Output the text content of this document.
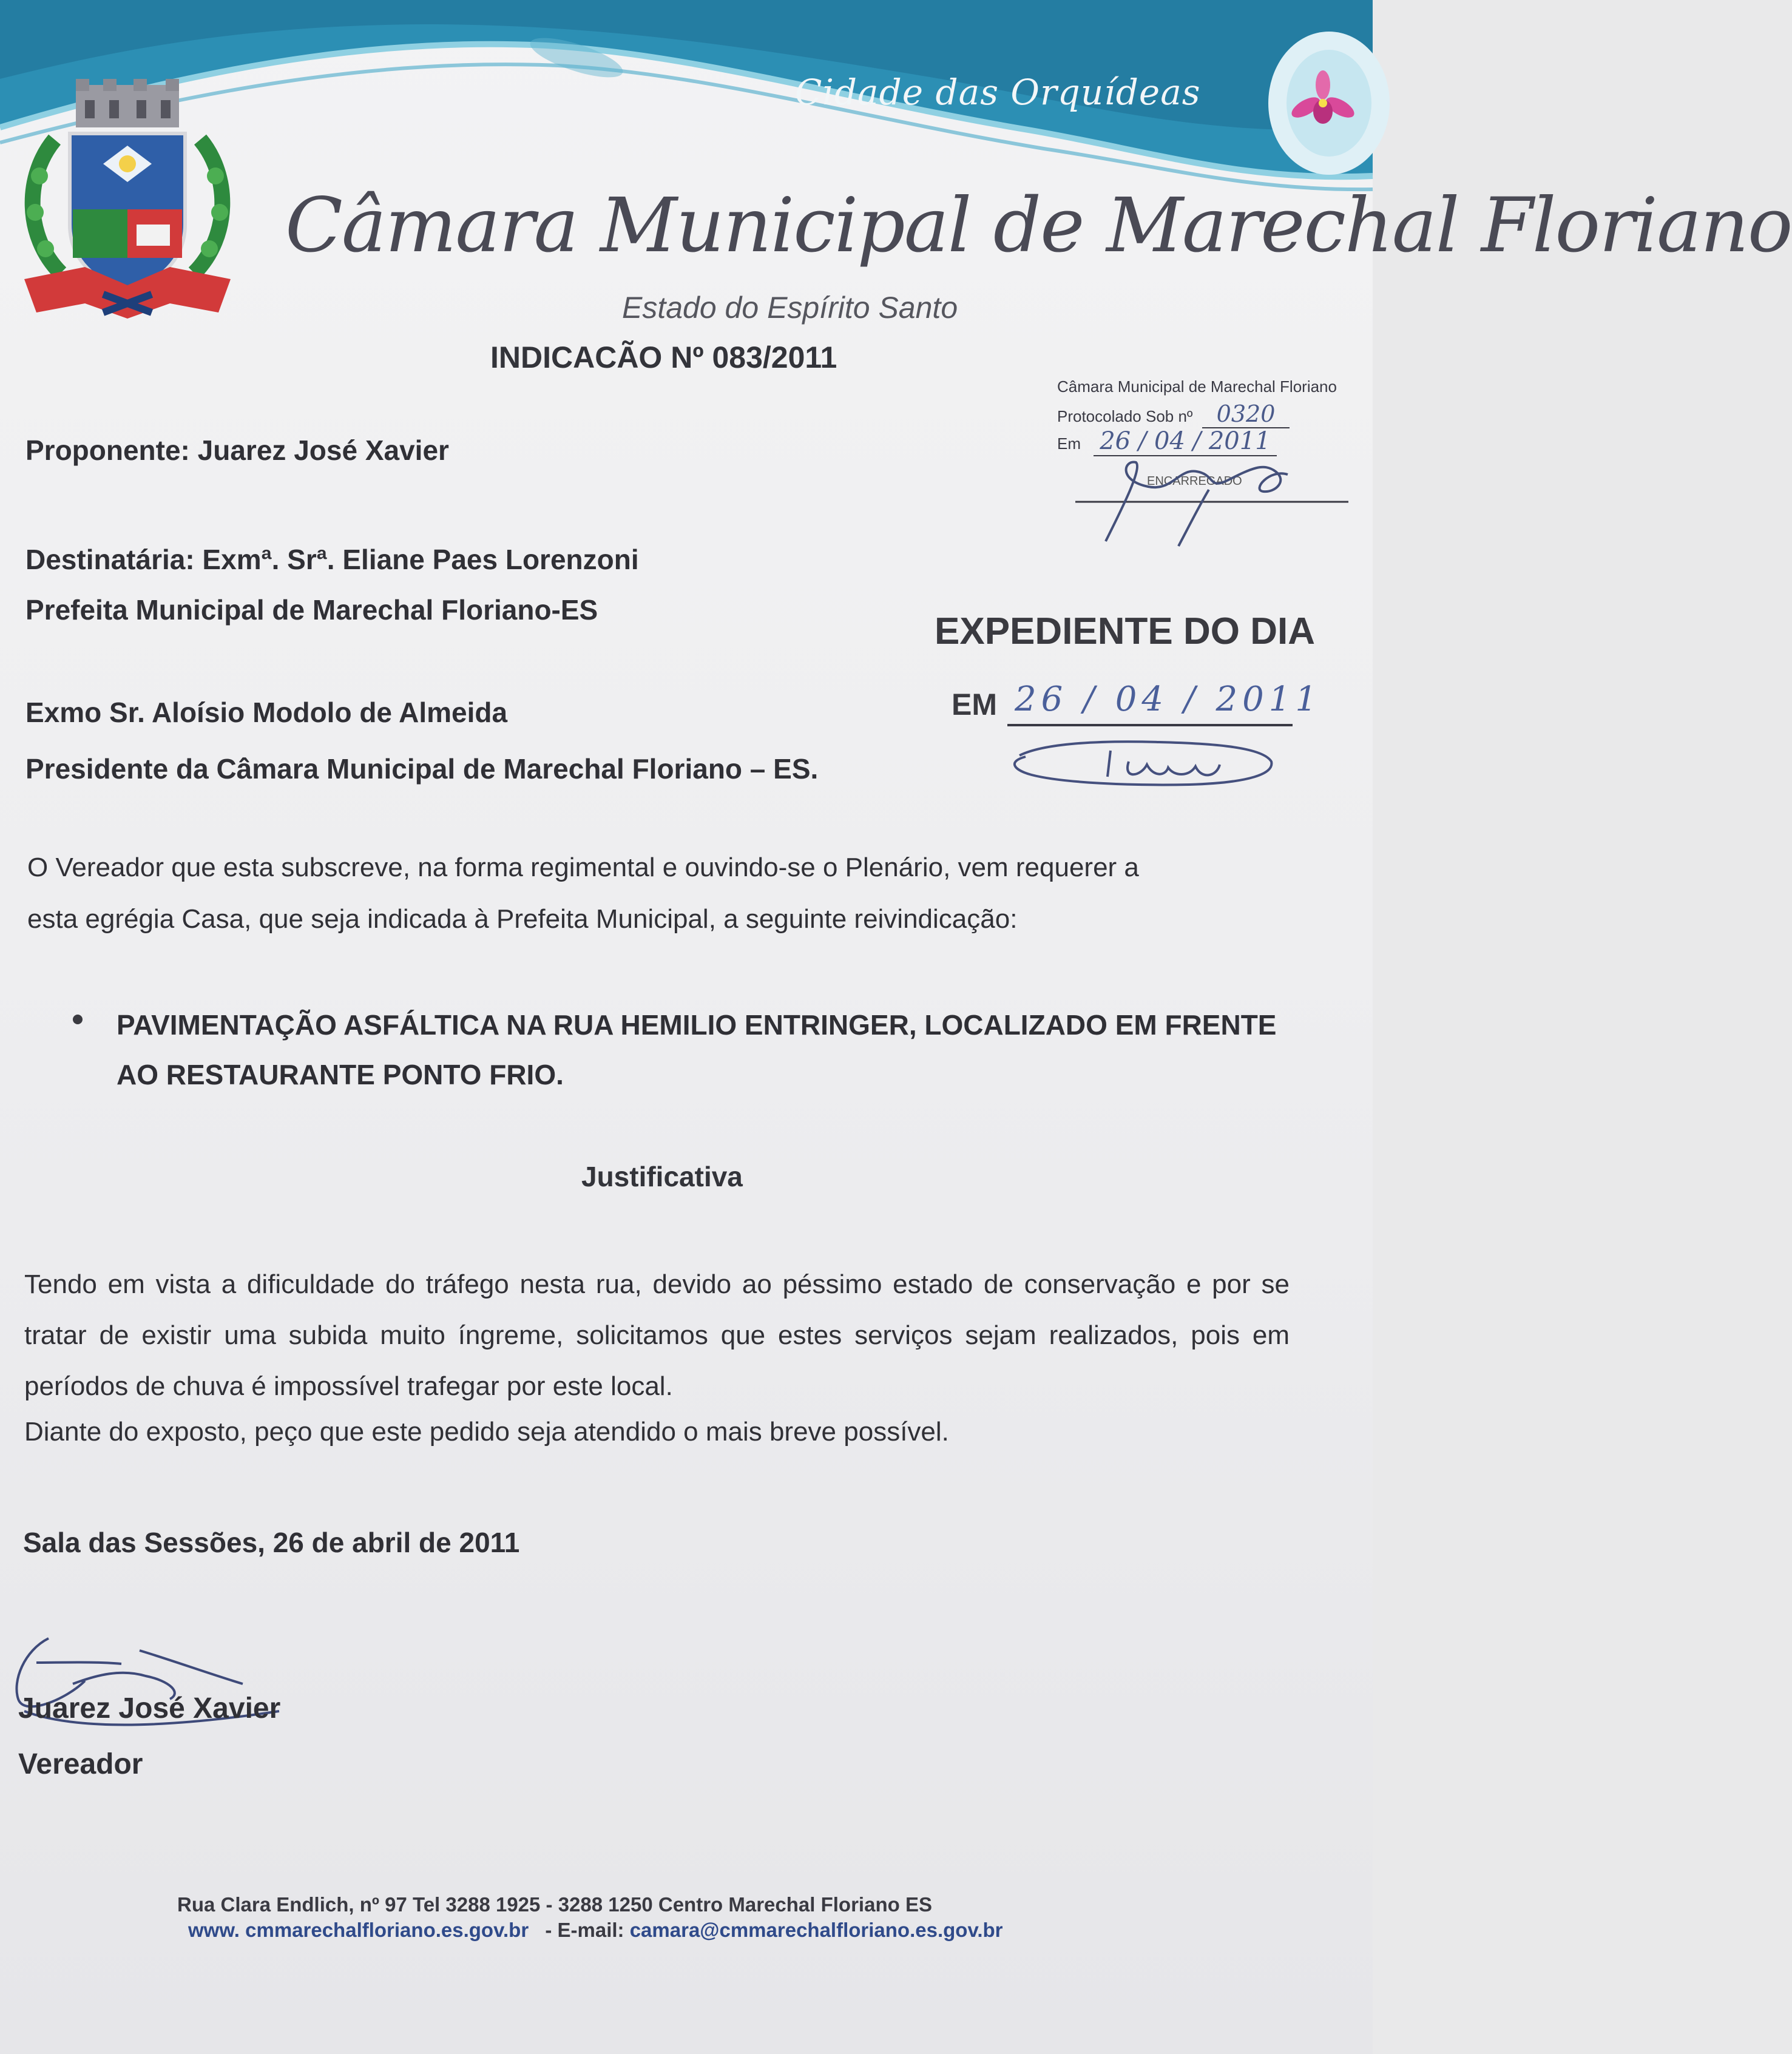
Cidade das Orquídeas
Câmara Municipal de Marechal Floriano
Estado do Espírito Santo
INDICACÃO Nº 083/2011
Câmara Municipal de Marechal Floriano
Protocolado Sob nº 0320
Em 26 / 04 / 2011
ENCARREGADO
Proponente: Juarez José Xavier
Destinatária: Exmª. Srª. Eliane Paes Lorenzoni
Prefeita Municipal de Marechal Floriano-ES
EXPEDIENTE DO DIA
EM 26 / 04 / 2011
Exmo Sr. Aloísio Modolo de Almeida
Presidente da Câmara Municipal de Marechal Floriano – ES.
O Vereador que esta subscreve, na forma regimental e ouvindo-se o Plenário, vem requerer a
esta egrégia Casa, que seja indicada à Prefeita Municipal, a seguinte reivindicação:
PAVIMENTAÇÃO ASFÁLTICA NA RUA HEMILIO ENTRINGER, LOCALIZADO EM FRENTE AO RESTAURANTE PONTO FRIO.
Justificativa
Tendo em vista a dificuldade do tráfego nesta rua, devido ao péssimo estado de conservação e por se tratar de existir uma subida muito íngreme, solicitamos que estes serviços sejam realizados, pois em períodos de chuva é impossível trafegar por este local.
Diante do exposto, peço que este pedido seja atendido o mais breve possível.
Sala das Sessões, 26 de abril de 2011
Juarez José Xavier
Vereador
Rua Clara Endlich, nº 97 Tel 3288 1925 - 3288 1250 Centro Marechal Floriano ES
www. cmmarechalfloriano.es.gov.br - E-mail: camara@cmmarechalfloriano.es.gov.br
